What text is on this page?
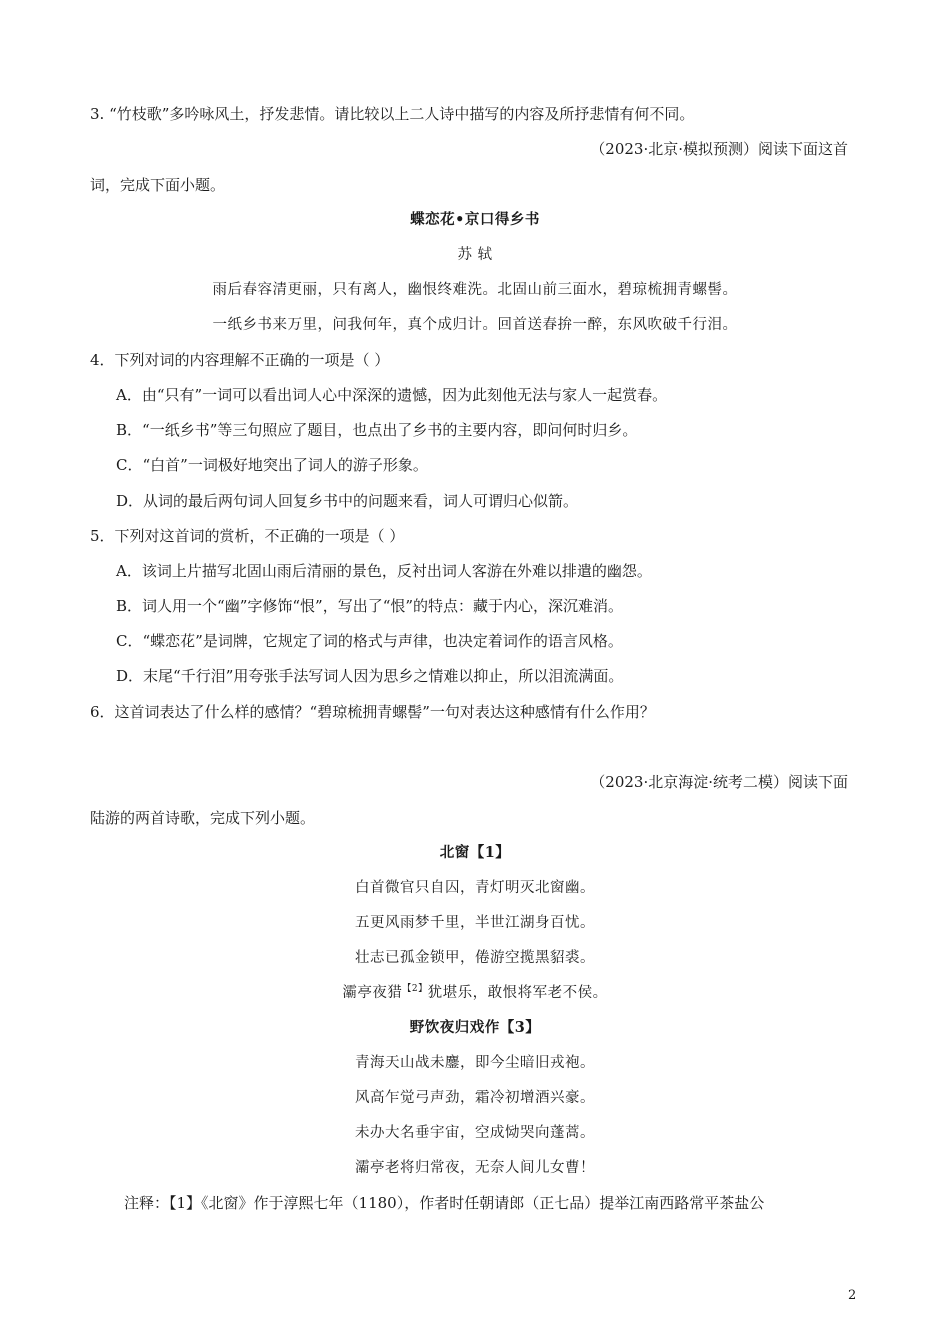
3. “竹枝歌”多吟咏风土，抒发悲情。请比较以上二人诗中描写的内容及所抒悲情有何不同。
（2023·北京·模拟预测）阅读下面这首
词，完成下面小题。
蝶恋花•京口得乡书
苏 轼
雨后春容清更丽，只有离人，幽恨终难洗。北固山前三面水，碧琼梳拥青螺髻。
一纸乡书来万里，问我何年，真个成归计。回首送春拚一醉，东风吹破千行泪。
4．下列对词的内容理解不正确的一项是（ ）
A．由“只有”一词可以看出词人心中深深的遗憾，因为此刻他无法与家人一起赏春。
B．“一纸乡书”等三句照应了题目，也点出了乡书的主要内容，即问何时归乡。
C．“白首”一词极好地突出了词人的游子形象。
D．从词的最后两句词人回复乡书中的问题来看，词人可谓归心似箭。
5．下列对这首词的赏析，不正确的一项是（ ）
A．该词上片描写北固山雨后清丽的景色，反衬出词人客游在外难以排遣的幽怨。
B．词人用一个“幽”字修饰“恨”，写出了“恨”的特点：藏于内心，深沉难消。
C．“蝶恋花”是词牌，它规定了词的格式与声律，也决定着词作的语言风格。
D．末尾“千行泪”用夸张手法写词人因为思乡之情难以抑止，所以泪流满面。
6．这首词表达了什么样的感情？“碧琼梳拥青螺髻”一句对表达这种感情有什么作用？
（2023·北京海淀·统考二模）阅读下面
陆游的两首诗歌，完成下列小题。
北窗【1】
白首微官只自囚，青灯明灭北窗幽。
五更风雨梦千里，半世江湖身百忧。
壮志已孤金锁甲，倦游空揽黑貂裘。
灞亭夜猎$^{【2】}$犹堪乐，敢恨将军老不侯。
野饮夜归戏作【3】
青海天山战未鏖，即今尘暗旧戎袍。
风高乍觉弓声劲，霜冷初增酒兴豪。
未办大名垂宇宙，空成恸哭向蓬蒿。
灞亭老将归常夜，无奈人间儿女曹！
注释：【1】《北窗》作于淳熙七年（1180），作者时任朝请郎（正七品）提举江南西路常平茶盐公
2
